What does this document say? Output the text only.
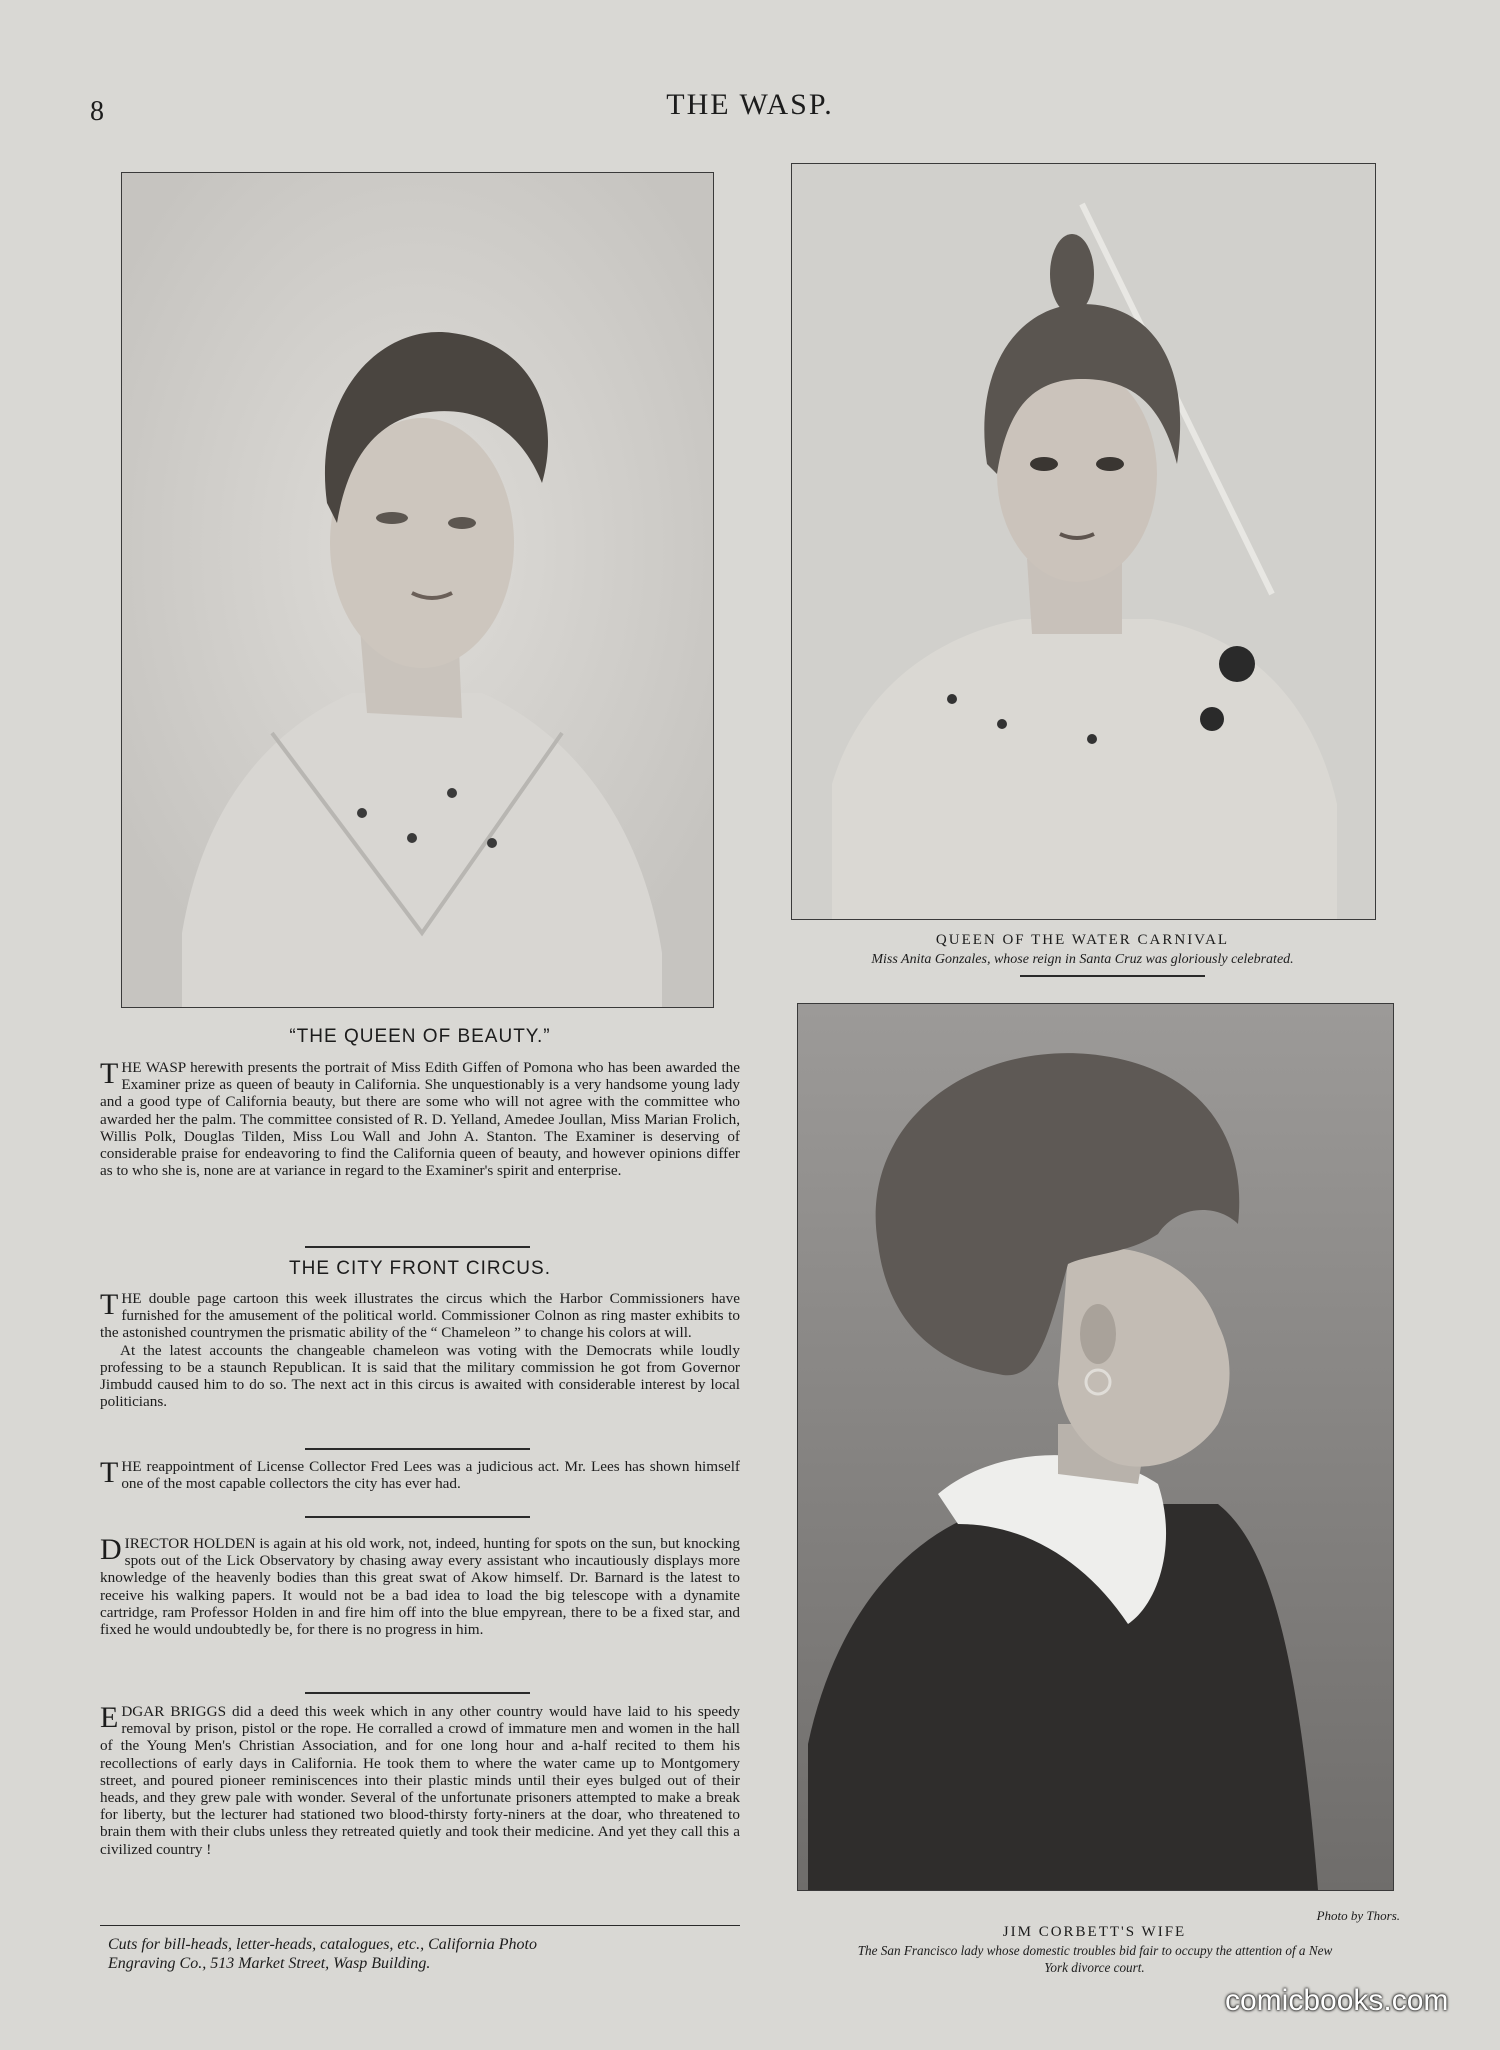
8	THE WASP.
QUEEN OF THE WATER CARNIVAL
Miss Anita Gonzales, whose reign in Santa Cruz was gloriously celebrated.
Photo by Thors.
JIM CORBETT'S WIFE
The San Francisco lady whose domestic troubles bid fair to occupy the attention of a New
York divorce court.
“THE QUEEN OF BEAUTY.”

THE WASP herewith presents the portrait of Miss Edith Giffen of Pomona who has been awarded the Examiner prize as queen of beauty in California. She unquestionably is a very handsome young lady and a good type of California beauty, but there are some who will not agree with the committee who awarded her the palm. The committee consisted of R. D. Yelland, Amedee Joullan, Miss Marian Frolich, Willis Polk, Douglas Tilden, Miss Lou Wall and John A. Stanton. The Examiner is deserving of considerable praise for endeavoring to find the California queen of beauty, and however opinions differ as to who she is, none are at variance in regard to the Examiner's spirit and enterprise.

THE CITY FRONT CIRCUS.

THE double page cartoon this week illustrates the circus which the Harbor Commissioners have furnished for the amusement of the political world. Commissioner Colnon as ring master exhibits to the astonished countrymen the prismatic ability of the “ Chameleon ” to change his colors at will.
At the latest accounts the changeable chameleon was voting with the Democrats while loudly professing to be a staunch Republican. It is said that the military commission he got from Governor Jimbudd caused him to do so. The next act in this circus is awaited with considerable interest by local politicians.

THE reappointment of License Collector Fred Lees was a judicious act. Mr. Lees has shown himself one of the most capable collectors the city has ever had.

DIRECTOR HOLDEN is again at his old work, not, indeed, hunting for spots on the sun, but knocking spots out of the Lick Observatory by chasing away every assistant who incautiously displays more knowledge of the heavenly bodies than this great swat of Akow himself. Dr. Barnard is the latest to receive his walking papers. It would not be a bad idea to load the big telescope with a dynamite cartridge, ram Professor Holden in and fire him off into the blue empyrean, there to be a fixed star, and fixed he would undoubtedly be, for there is no progress in him.

EDGAR BRIGGS did a deed this week which in any other country would have laid to his speedy removal by prison, pistol or the rope. He corralled a crowd of immature men and women in the hall of the Young Men's Christian Association, and for one long hour and a-half recited to them his recollections of early days in California. He took them to where the water came up to Montgomery street, and poured pioneer reminiscences into their plastic minds until their eyes bulged out of their heads, and they grew pale with wonder. Several of the unfortunate prisoners attempted to make a break for liberty, but the lecturer had stationed two blood-thirsty forty-niners at the doar, who threatened to brain them with their clubs unless they retreated quietly and took their medicine. And yet they call this a civilized country !

Cuts for bill-heads, letter-heads, catalogues, etc., California Photo
Engraving Co., 513 Market Street, Wasp Building.
comicbooks.com
